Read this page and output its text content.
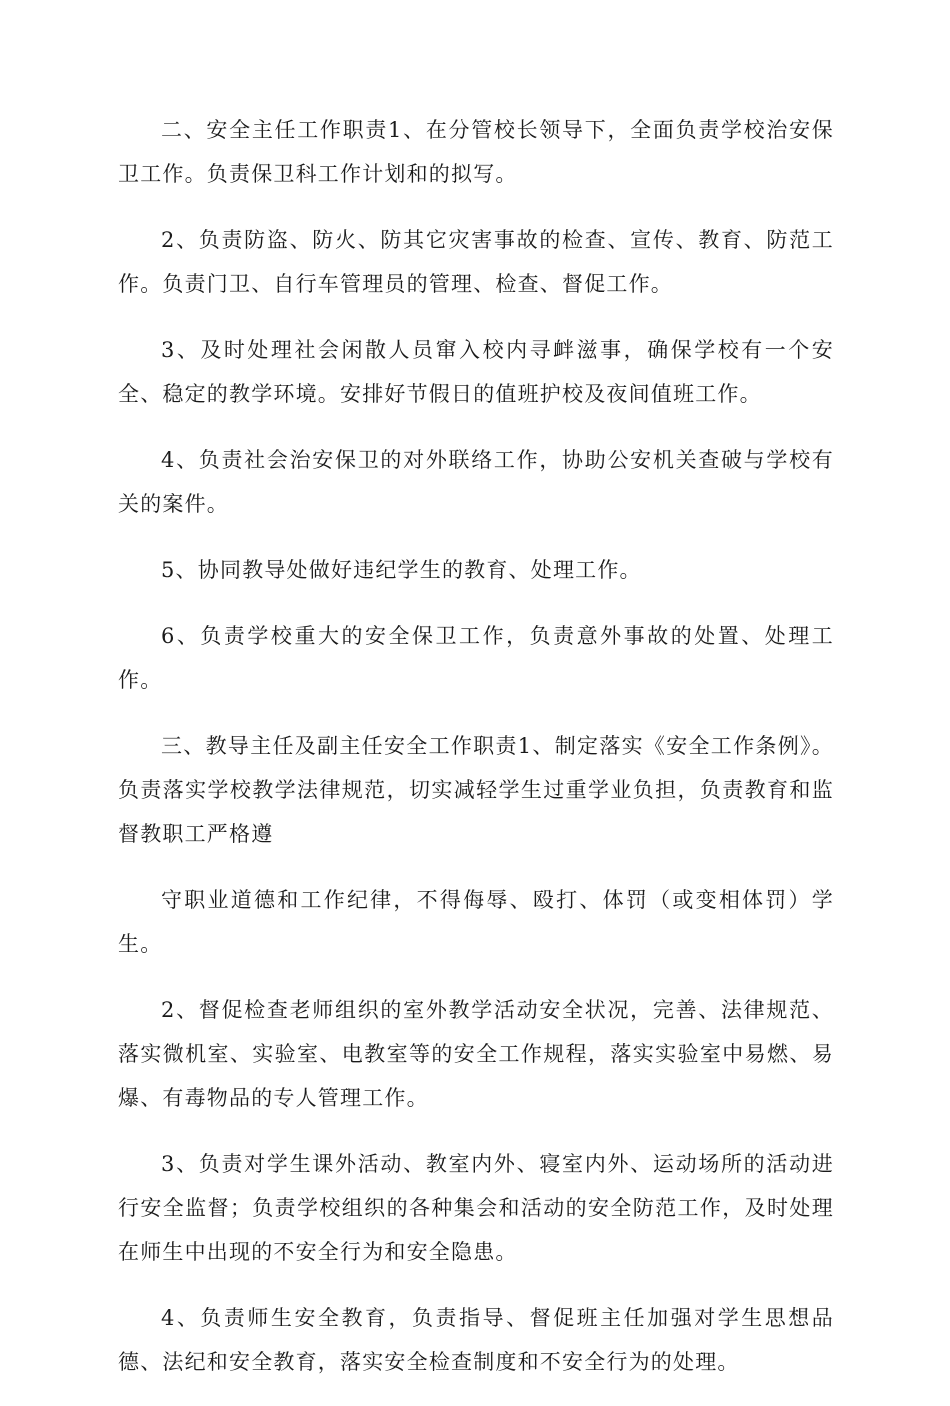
二、安全主任工作职责1、在分管校长领导下，全面负责学校治安保卫工作。负责保卫科工作计划和的拟写。

2、负责防盗、防火、防其它灾害事故的检查、宣传、教育、防范工作。负责门卫、自行车管理员的管理、检查、督促工作。

3、及时处理社会闲散人员窜入校内寻衅滋事，确保学校有一个安全、稳定的教学环境。安排好节假日的值班护校及夜间值班工作。

4、负责社会治安保卫的对外联络工作，协助公安机关查破与学校有关的案件。

5、协同教导处做好违纪学生的教育、处理工作。

6、负责学校重大的安全保卫工作，负责意外事故的处置、处理工作。

三、教导主任及副主任安全工作职责1、制定落实《安全工作条例》。负责落实学校教学法律规范，切实减轻学生过重学业负担，负责教育和监督教职工严格遵

守职业道德和工作纪律，不得侮辱、殴打、体罚（或变相体罚）学生。

2、督促检查老师组织的室外教学活动安全状况，完善、法律规范、落实微机室、实验室、电教室等的安全工作规程，落实实验室中易燃、易爆、有毒物品的专人管理工作。

3、负责对学生课外活动、教室内外、寝室内外、运动场所的活动进行安全监督；负责学校组织的各种集会和活动的安全防范工作，及时处理在师生中出现的不安全行为和安全隐患。

4、负责师生安全教育，负责指导、督促班主任加强对学生思想品德、法纪和安全教育，落实安全检查制度和不安全行为的处理。
